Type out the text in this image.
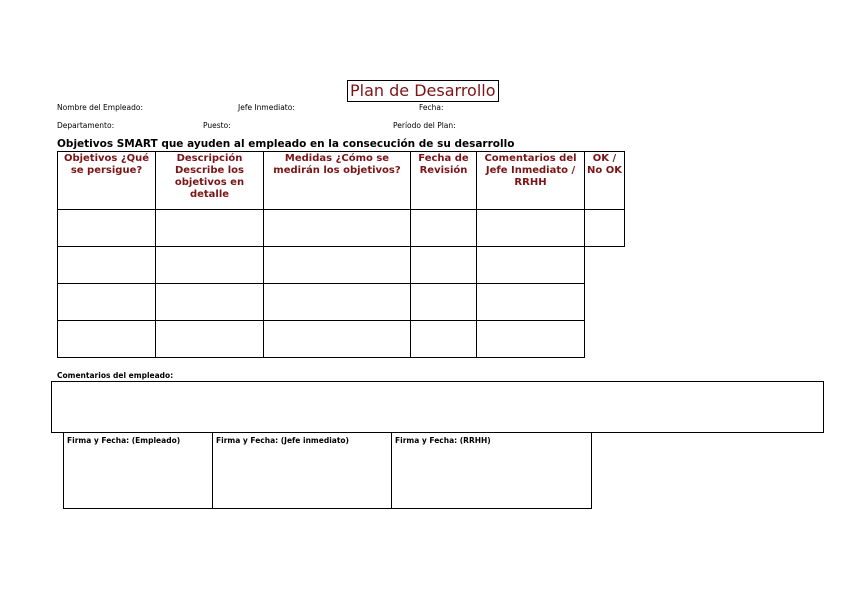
Plan de Desarrollo
Nombre del Empleado:	Jefe Inmediato:	Fecha:
Departamento:	Puesto:	Período del Plan:
Objetivos SMART que ayuden al empleado en la consecución de su desarrollo
Objetivos ¿Qué se persigue?	Descripción Describe los objetivos en detalle	Medidas ¿Cómo se medirán los objetivos?	Fecha de Revisión	Comentarios del Jefe Inmediato / RRHH	OK / No OK

Comentarios del empleado:
Firma y Fecha: (Empleado)	Firma y Fecha: (Jefe inmediato)	Firma y Fecha: (RRHH)
